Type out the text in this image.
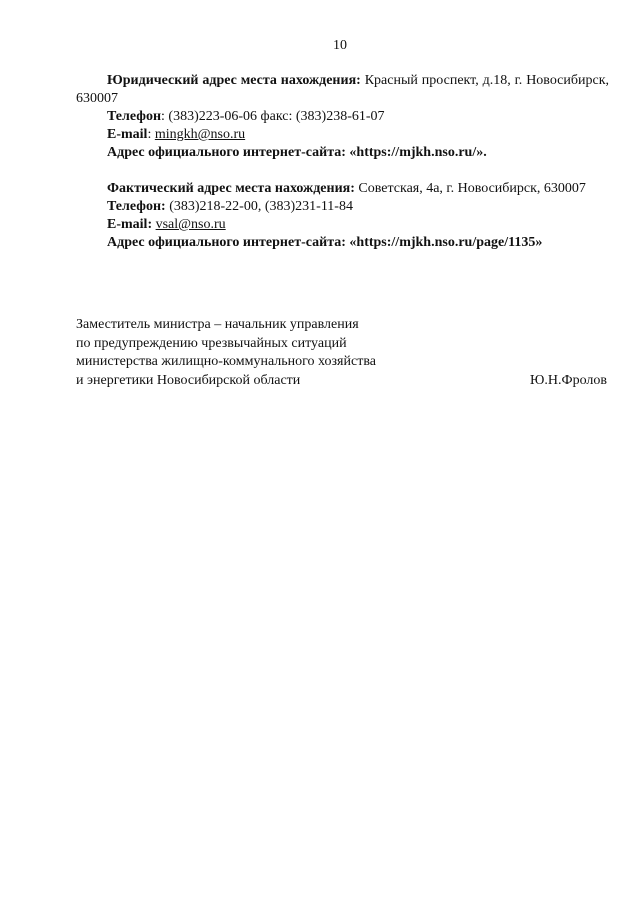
10

Юридический адрес места нахождения: Красный проспект, д.18, г. Новосибирск, 630007

Телефон: (383)223-06-06 факс: (383)238-61-07

E-mail: mingkh@nso.ru

Адрес официального интернет-сайта: «https://mjkh.nso.ru/».

Фактический адрес места нахождения: Советская, 4а, г. Новосибирск, 630007

Телефон: (383)218-22-00, (383)231-11-84

E-mail: vsal@nso.ru

Адрес официального интернет-сайта: «https://mjkh.nso.ru/page/1135»

Заместитель министра – начальник управления
по предупреждению чрезвычайных ситуаций
министерства жилищно-коммунального хозяйства
и энергетики Новосибирской области	Ю.Н.Фролов
